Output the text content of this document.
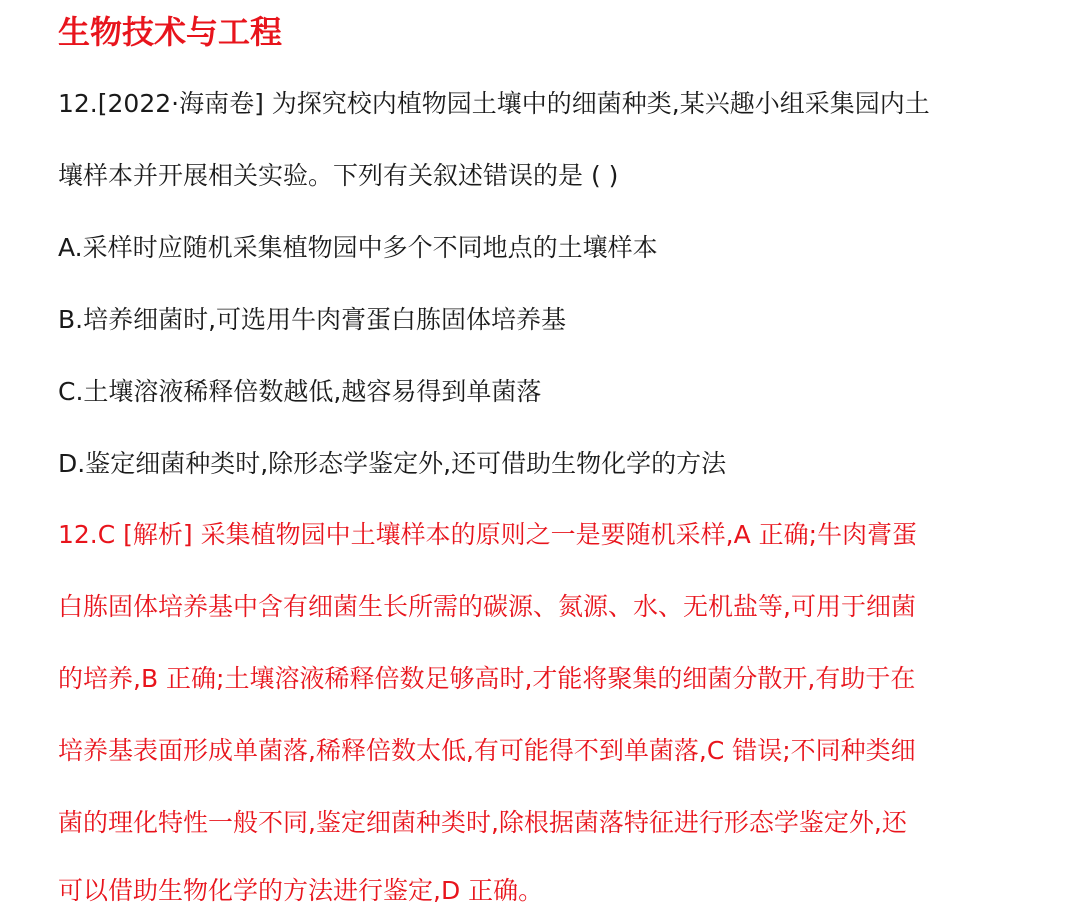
生物技术与工程
12.[2022·海南卷] 为探究校内植物园土壤中的细菌种类,某兴趣小组采集园内土
壤样本并开展相关实验。下列有关叙述错误的是 ( )
A.采样时应随机采集植物园中多个不同地点的土壤样本
B.培养细菌时,可选用牛肉膏蛋白胨固体培养基
C.土壤溶液稀释倍数越低,越容易得到单菌落
D.鉴定细菌种类时,除形态学鉴定外,还可借助生物化学的方法
12.C [解析] 采集植物园中土壤样本的原则之一是要随机采样,A 正确;牛肉膏蛋
白胨固体培养基中含有细菌生长所需的碳源、氮源、水、无机盐等,可用于细菌
的培养,B 正确;土壤溶液稀释倍数足够高时,才能将聚集的细菌分散开,有助于在
培养基表面形成单菌落,稀释倍数太低,有可能得不到单菌落,C 错误;不同种类细
菌的理化特性一般不同,鉴定细菌种类时,除根据菌落特征进行形态学鉴定外,还
可以借助生物化学的方法进行鉴定,D 正确。
